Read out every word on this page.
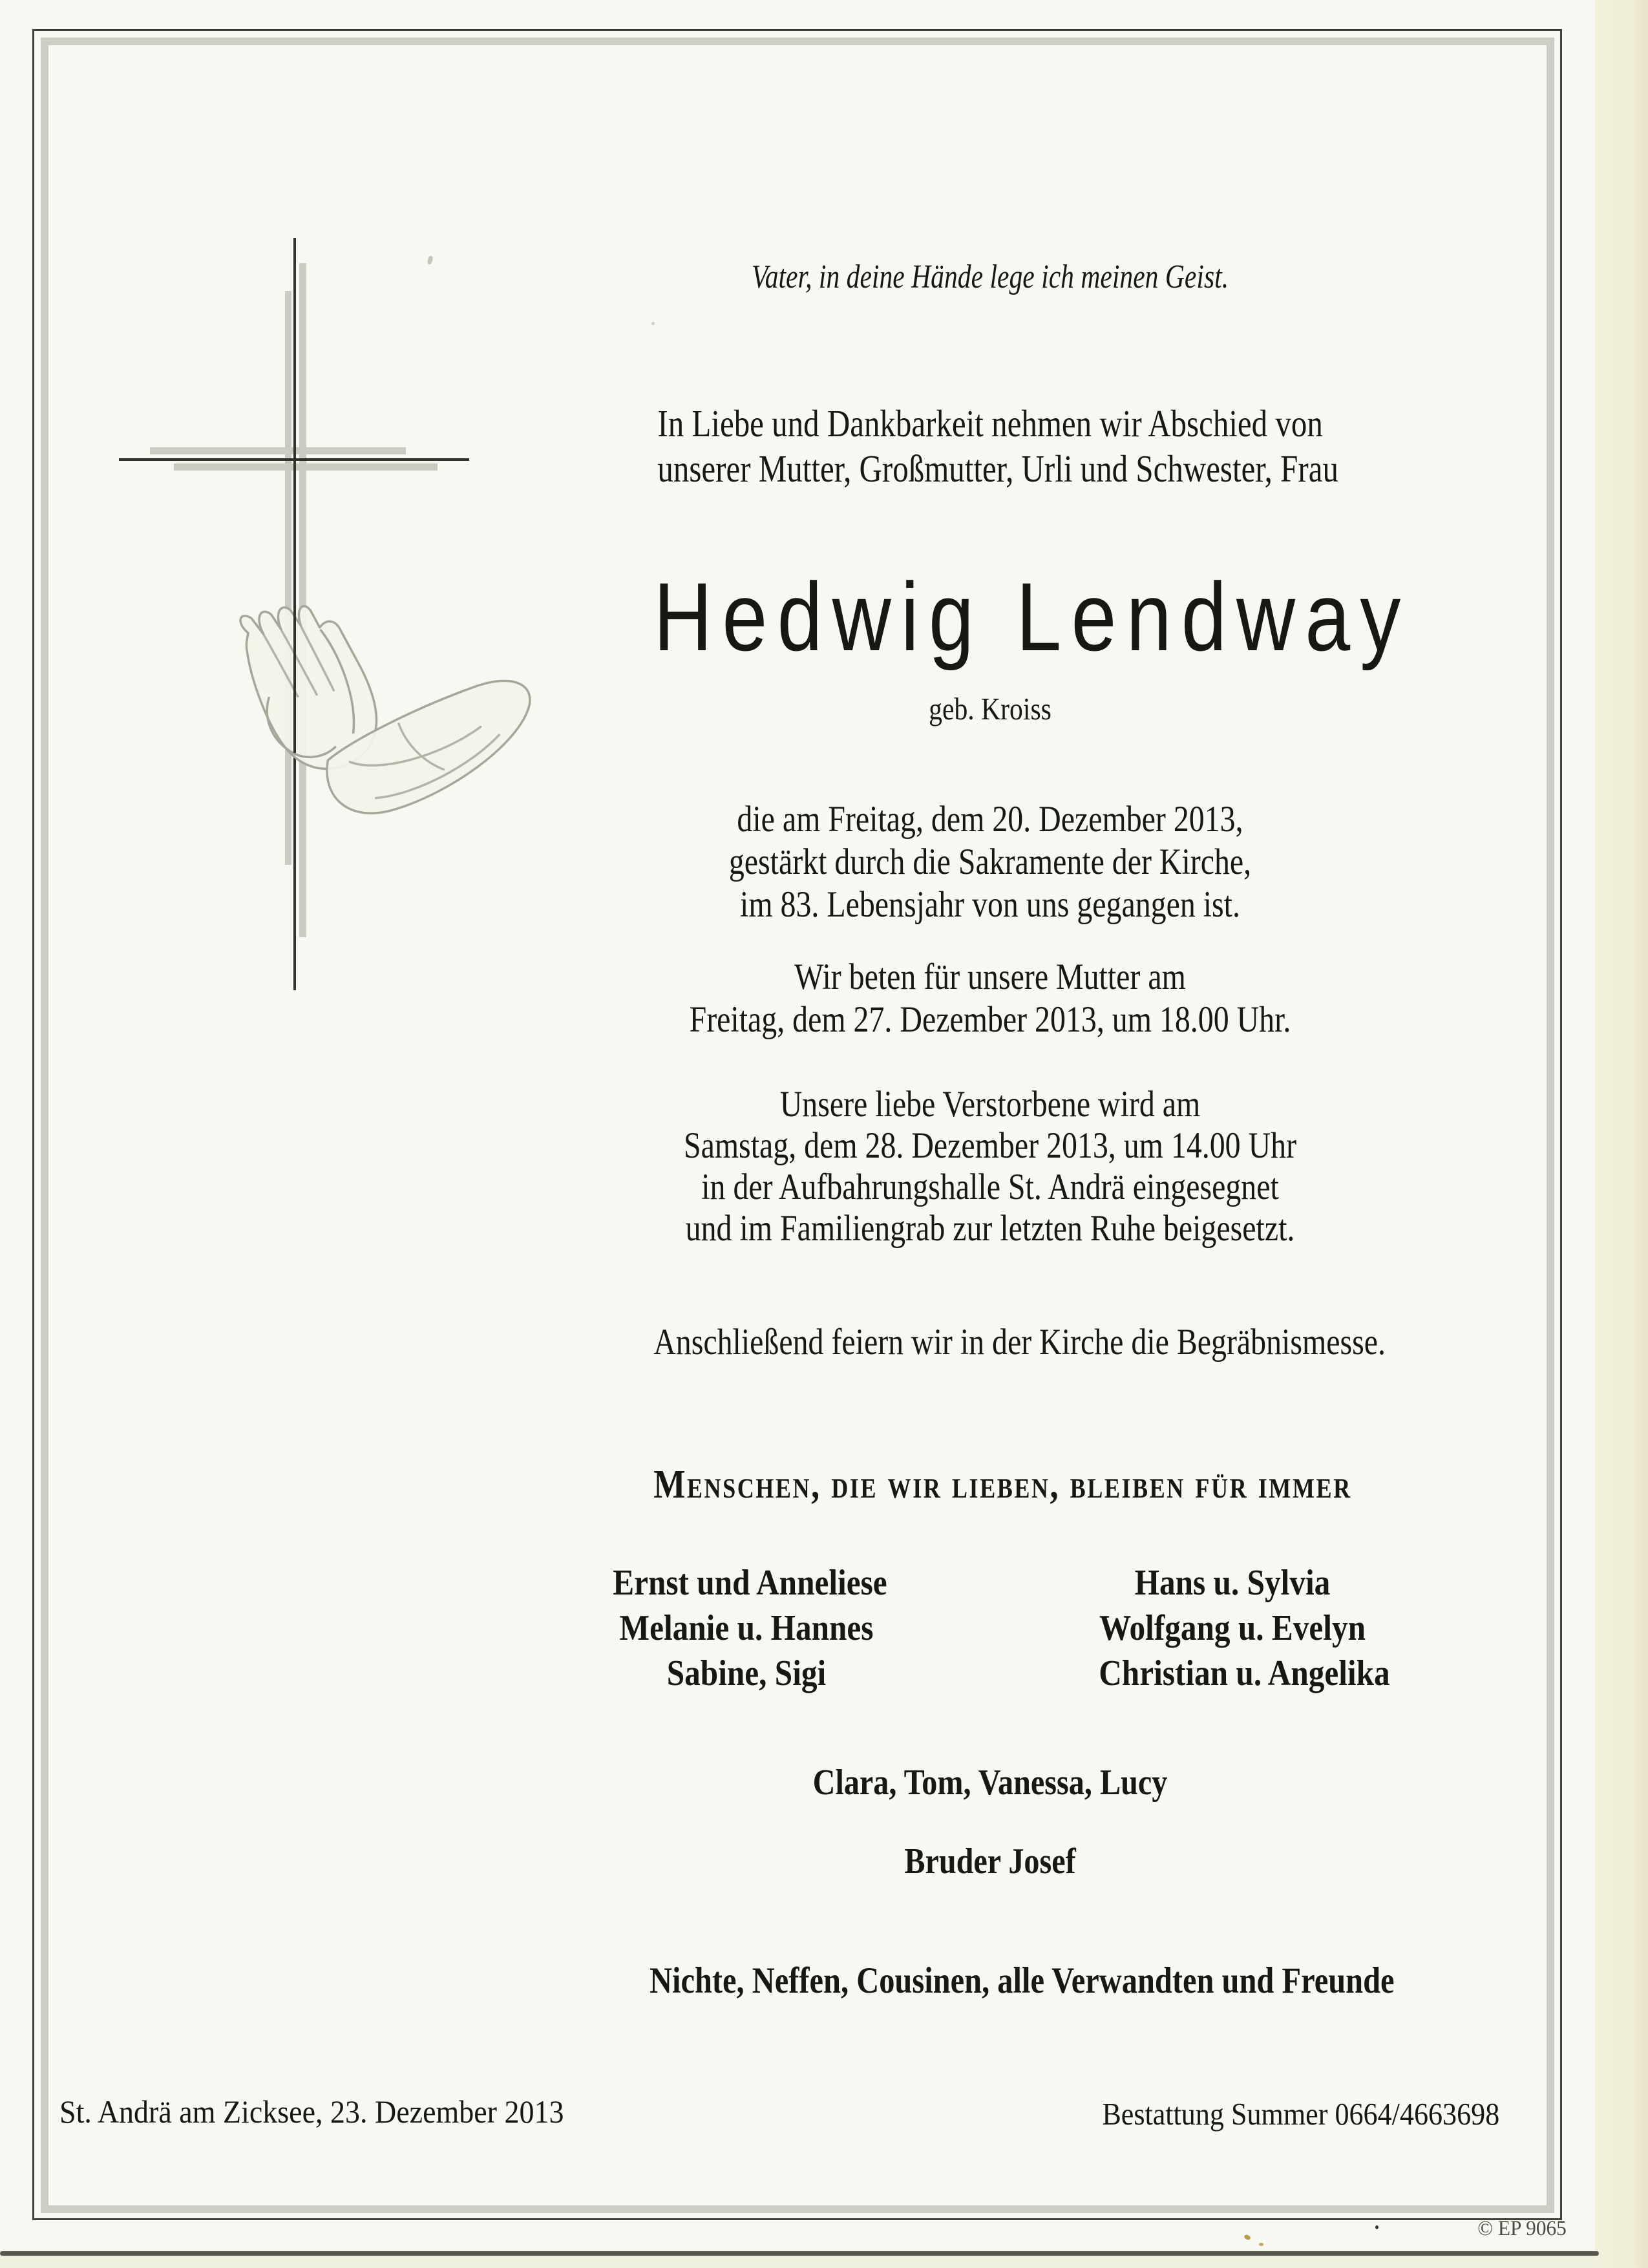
Vater, in deine Hände lege ich meinen Geist.
In Liebe und Dankbarkeit nehmen wir Abschied von
unserer Mutter, Großmutter, Urli und Schwester, Frau
Hedwig Lendway
geb. Kroiss
die am Freitag, dem 20. Dezember 2013,
gestärkt durch die Sakramente der Kirche,
im 83. Lebensjahr von uns gegangen ist.
Wir beten für unsere Mutter am
Freitag, dem 27. Dezember 2013, um 18.00 Uhr.
Unsere liebe Verstorbene wird am
Samstag, dem 28. Dezember 2013, um 14.00 Uhr
in der Aufbahrungshalle St. Andrä eingesegnet
und im Familiengrab zur letzten Ruhe beigesetzt.
Anschließend feiern wir in der Kirche die Begräbnismesse.
Menschen, die wir lieben, bleiben für immer
Ernst und Anneliese
Melanie u. Hannes
Sabine, Sigi
Hans u. Sylvia
Wolfgang u. Evelyn
Christian u. Angelika
Clara, Tom, Vanessa, Lucy
Bruder Josef
Nichte, Neffen, Cousinen, alle Verwandten und Freunde
St. Andrä am Zicksee, 23. Dezember 2013	Bestattung Summer 0664/4663698
© EP 9065
